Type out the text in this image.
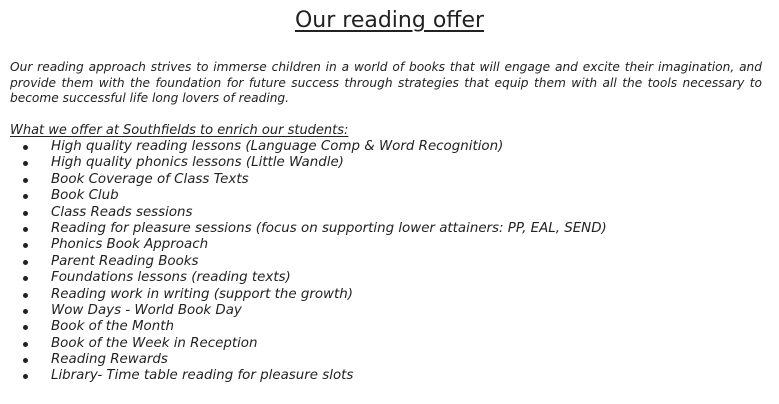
Our reading offer

Our reading approach strives to immerse children in a world of books that will engage and excite their imagination, and provide them with the foundation for future success through strategies that equip them with all the tools necessary to become successful life long lovers of reading.

What we offer at Southfields to enrich our students:
High quality reading lessons (Language Comp & Word Recognition)
High quality phonics lessons (Little Wandle)
Book Coverage of Class Texts
Book Club
Class Reads sessions
Reading for pleasure sessions (focus on supporting lower attainers: PP, EAL, SEND)
Phonics Book Approach
Parent Reading Books
Foundations lessons (reading texts)
Reading work in writing (support the growth)
Wow Days - World Book Day
Book of the Month
Book of the Week in Reception
Reading Rewards
Library- Time table reading for pleasure slots
